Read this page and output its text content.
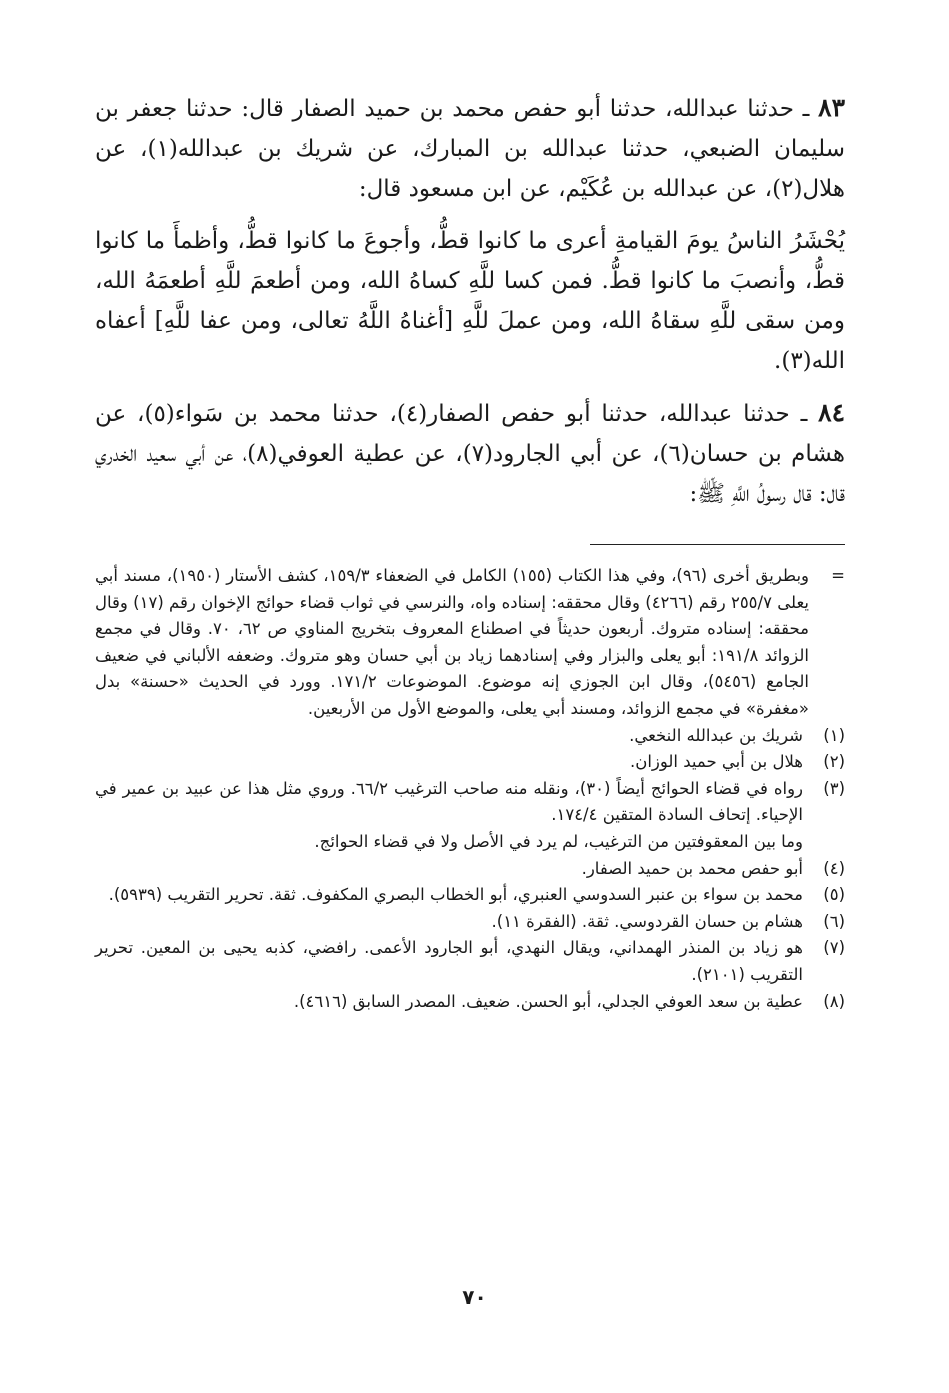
٨٣ ـ حدثنا عبدالله، حدثنا أبو حفص محمد بن حميد الصفار قال: حدثنا جعفر بن سليمان الضبعي، حدثنا عبدالله بن المبارك، عن شريك بن عبدالله(١)، عن هلال(٢)، عن عبدالله بن عُكَيْم، عن ابن مسعود قال:

يُحْشَرُ الناسُ يومَ القيامةِ أعرى ما كانوا قطُّ، وأجوعَ ما كانوا قطُّ، وأظمأَ ما كانوا قطُّ، وأنصبَ ما كانوا قطُّ. فمن كسا للَّهِ كساهُ الله، ومن أطعمَ للَّهِ أطعمَهُ الله، ومن سقى للَّهِ سقاهُ الله، ومن عملَ للَّهِ [أغناهُ اللَّهُ تعالى، ومن عفا للَّهِ] أعفاه الله(٣).

٨٤ ـ حدثنا عبدالله، حدثنا أبو حفص الصفار(٤)، حدثنا محمد بن سَواء(٥)، عن هشام بن حسان(٦)، عن أبي الجارود(٧)، عن عطية العوفي(٨)، عن أبي سعيد الخدري قال: قال رسولُ اللَّهِ ﷺ:

=
وبطريق أخرى (٩٦)، وفي هذا الكتاب (١٥٥) الكامل في الضعفاء ١٥٩/٣، كشف الأستار (١٩٥٠)، مسند أبي يعلى ٢٥٥/٧ رقم (٤٢٦٦) وقال محققه: إسناده واه، والنرسي في ثواب قضاء حوائج الإخوان رقم (١٧) وقال محققه: إسناده متروك. أربعون حديثاً في اصطناع المعروف بتخريج المناوي ص ٦٢، ٧٠. وقال في مجمع الزوائد ١٩١/٨: أبو يعلى والبزار وفي إسنادهما زياد بن أبي حسان وهو متروك. وضعفه الألباني في ضعيف الجامع (٥٤٥٦)، وقال ابن الجوزي إنه موضوع. الموضوعات ١٧١/٢. وورد في الحديث «حسنة» بدل «مغفرة» في مجمع الزوائد، ومسند أبي يعلى، والموضع الأول من الأربعين.
(١)

شريك بن عبدالله النخعي.

(٢)

هلال بن أبي حميد الوزان.

(٣)

رواه في قضاء الحوائج أيضاً (٣٠)، ونقله منه صاحب الترغيب ٦٦/٢. وروي مثل هذا عن عبيد بن عمير في الإحياء. إتحاف السادة المتقين ١٧٤/٤.

وما بين المعقوفتين من الترغيب، لم يرد في الأصل ولا في قضاء الحوائج.

(٤)

أبو حفص محمد بن حميد الصفار.

(٥)

محمد بن سواء بن عنبر السدوسي العنبري، أبو الخطاب البصري المكفوف. ثقة. تحرير التقريب (٥٩٣٩).

(٦)

هشام بن حسان القردوسي. ثقة. (الفقرة ١١).

(٧)

هو زياد بن المنذر الهمداني، ويقال النهدي، أبو الجارود الأعمى. رافضي، كذبه يحيى بن المعين. تحرير التقريب (٢١٠١).

(٨)

عطية بن سعد العوفي الجدلي، أبو الحسن. ضعيف. المصدر السابق (٤٦١٦).

٧٠
